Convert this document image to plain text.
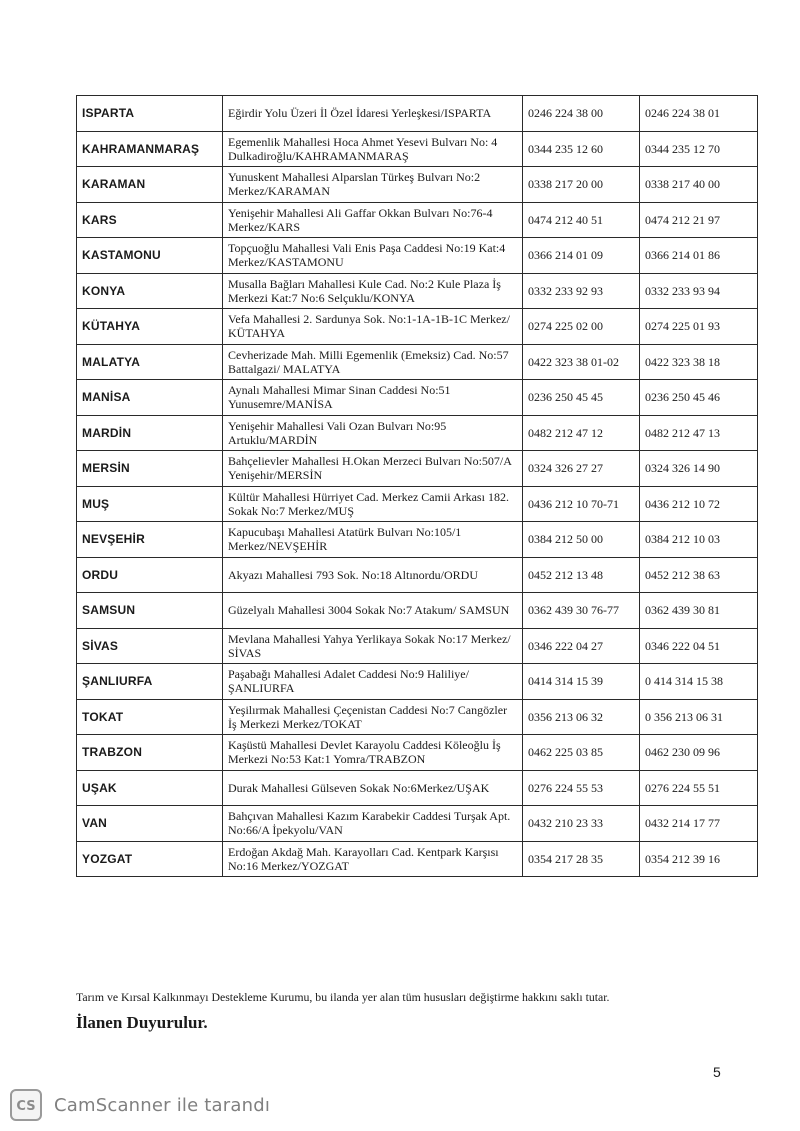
ISPARTA	Eğirdir Yolu Üzeri İl Özel İdaresi Yerleşkesi/ISPARTA	0246 224 38 00	0246 224 38 01
KAHRAMANMARAŞ	Egemenlik Mahallesi Hoca Ahmet Yesevi Bulvarı No: 4 Dulkadiroğlu/KAHRAMANMARAŞ	0344 235 12 60	0344 235 12 70
KARAMAN	Yunuskent Mahallesi Alparslan Türkeş Bulvarı No:2 Merkez/KARAMAN	0338 217 20 00	0338 217 40 00
KARS	Yenişehir Mahallesi Ali Gaffar Okkan Bulvarı No:76-4 Merkez/KARS	0474 212 40 51	0474 212 21 97
KASTAMONU	Topçuoğlu Mahallesi Vali Enis Paşa Caddesi No:19 Kat:4 Merkez/KASTAMONU	0366 214 01 09	0366 214 01 86
KONYA	Musalla Bağları Mahallesi Kule Cad. No:2 Kule Plaza İş Merkezi Kat:7 No:6 Selçuklu/KONYA	0332 233 92 93	0332 233 93 94
KÜTAHYA	Vefa Mahallesi 2. Sardunya Sok. No:1-1A-1B-1C Merkez/ KÜTAHYA	0274 225 02 00	0274 225 01 93
MALATYA	Cevherizade Mah. Milli Egemenlik (Emeksiz) Cad. No:57 Battalgazi/ MALATYA	0422 323 38 01-02	0422 323 38 18
MANİSA	Aynalı Mahallesi Mimar Sinan Caddesi No:51 Yunusemre/MANİSA	0236 250 45 45	0236 250 45 46
MARDİN	Yenişehir Mahallesi Vali Ozan Bulvarı No:95 Artuklu/MARDİN	0482 212 47 12	0482 212 47 13
MERSİN	Bahçelievler Mahallesi H.Okan Merzeci Bulvarı No:507/A Yenişehir/MERSİN	0324 326 27 27	0324 326 14 90
MUŞ	Kültür Mahallesi Hürriyet Cad. Merkez Camii Arkası 182. Sokak No:7 Merkez/MUŞ	0436 212 10 70-71	0436 212 10 72
NEVŞEHİR	Kapucubaşı Mahallesi Atatürk Bulvarı No:105/1 Merkez/NEVŞEHİR	0384 212 50 00	0384 212 10 03
ORDU	Akyazı Mahallesi 793 Sok. No:18 Altınordu/ORDU	0452 212 13 48	0452 212 38 63
SAMSUN	Güzelyalı Mahallesi 3004 Sokak No:7 Atakum/ SAMSUN	0362 439 30 76-77	0362 439 30 81
SİVAS	Mevlana Mahallesi Yahya Yerlikaya Sokak No:17 Merkez/ SİVAS	0346 222 04 27	0346 222 04 51
ŞANLIURFA	Paşabağı Mahallesi Adalet Caddesi No:9 Haliliye/ ŞANLIURFA	0414 314 15 39	0 414 314 15 38
TOKAT	Yeşilırmak Mahallesi Çeçenistan Caddesi No:7 Cangözler İş Merkezi Merkez/TOKAT	0356 213 06 32	0 356 213 06 31
TRABZON	Kaşüstü Mahallesi Devlet Karayolu Caddesi Köleoğlu İş Merkezi No:53 Kat:1 Yomra/TRABZON	0462 225 03 85	0462 230 09 96
UŞAK	Durak Mahallesi Gülseven Sokak No:6Merkez/UŞAK	0276 224 55 53	0276 224 55 51
VAN	Bahçıvan Mahallesi Kazım Karabekir Caddesi Turşak Apt. No:66/A İpekyolu/VAN	0432 210 23 33	0432 214 17 77
YOZGAT	Erdoğan Akdağ Mah. Karayolları Cad. Kentpark Karşısı No:16 Merkez/YOZGAT	0354 217 28 35	0354 212 39 16
Tarım ve Kırsal Kalkınmayı Destekleme Kurumu, bu ilanda yer alan tüm hususları değiştirme hakkını saklı tutar.
İlanen Duyurulur.
5
CS CamScanner ile tarandı
